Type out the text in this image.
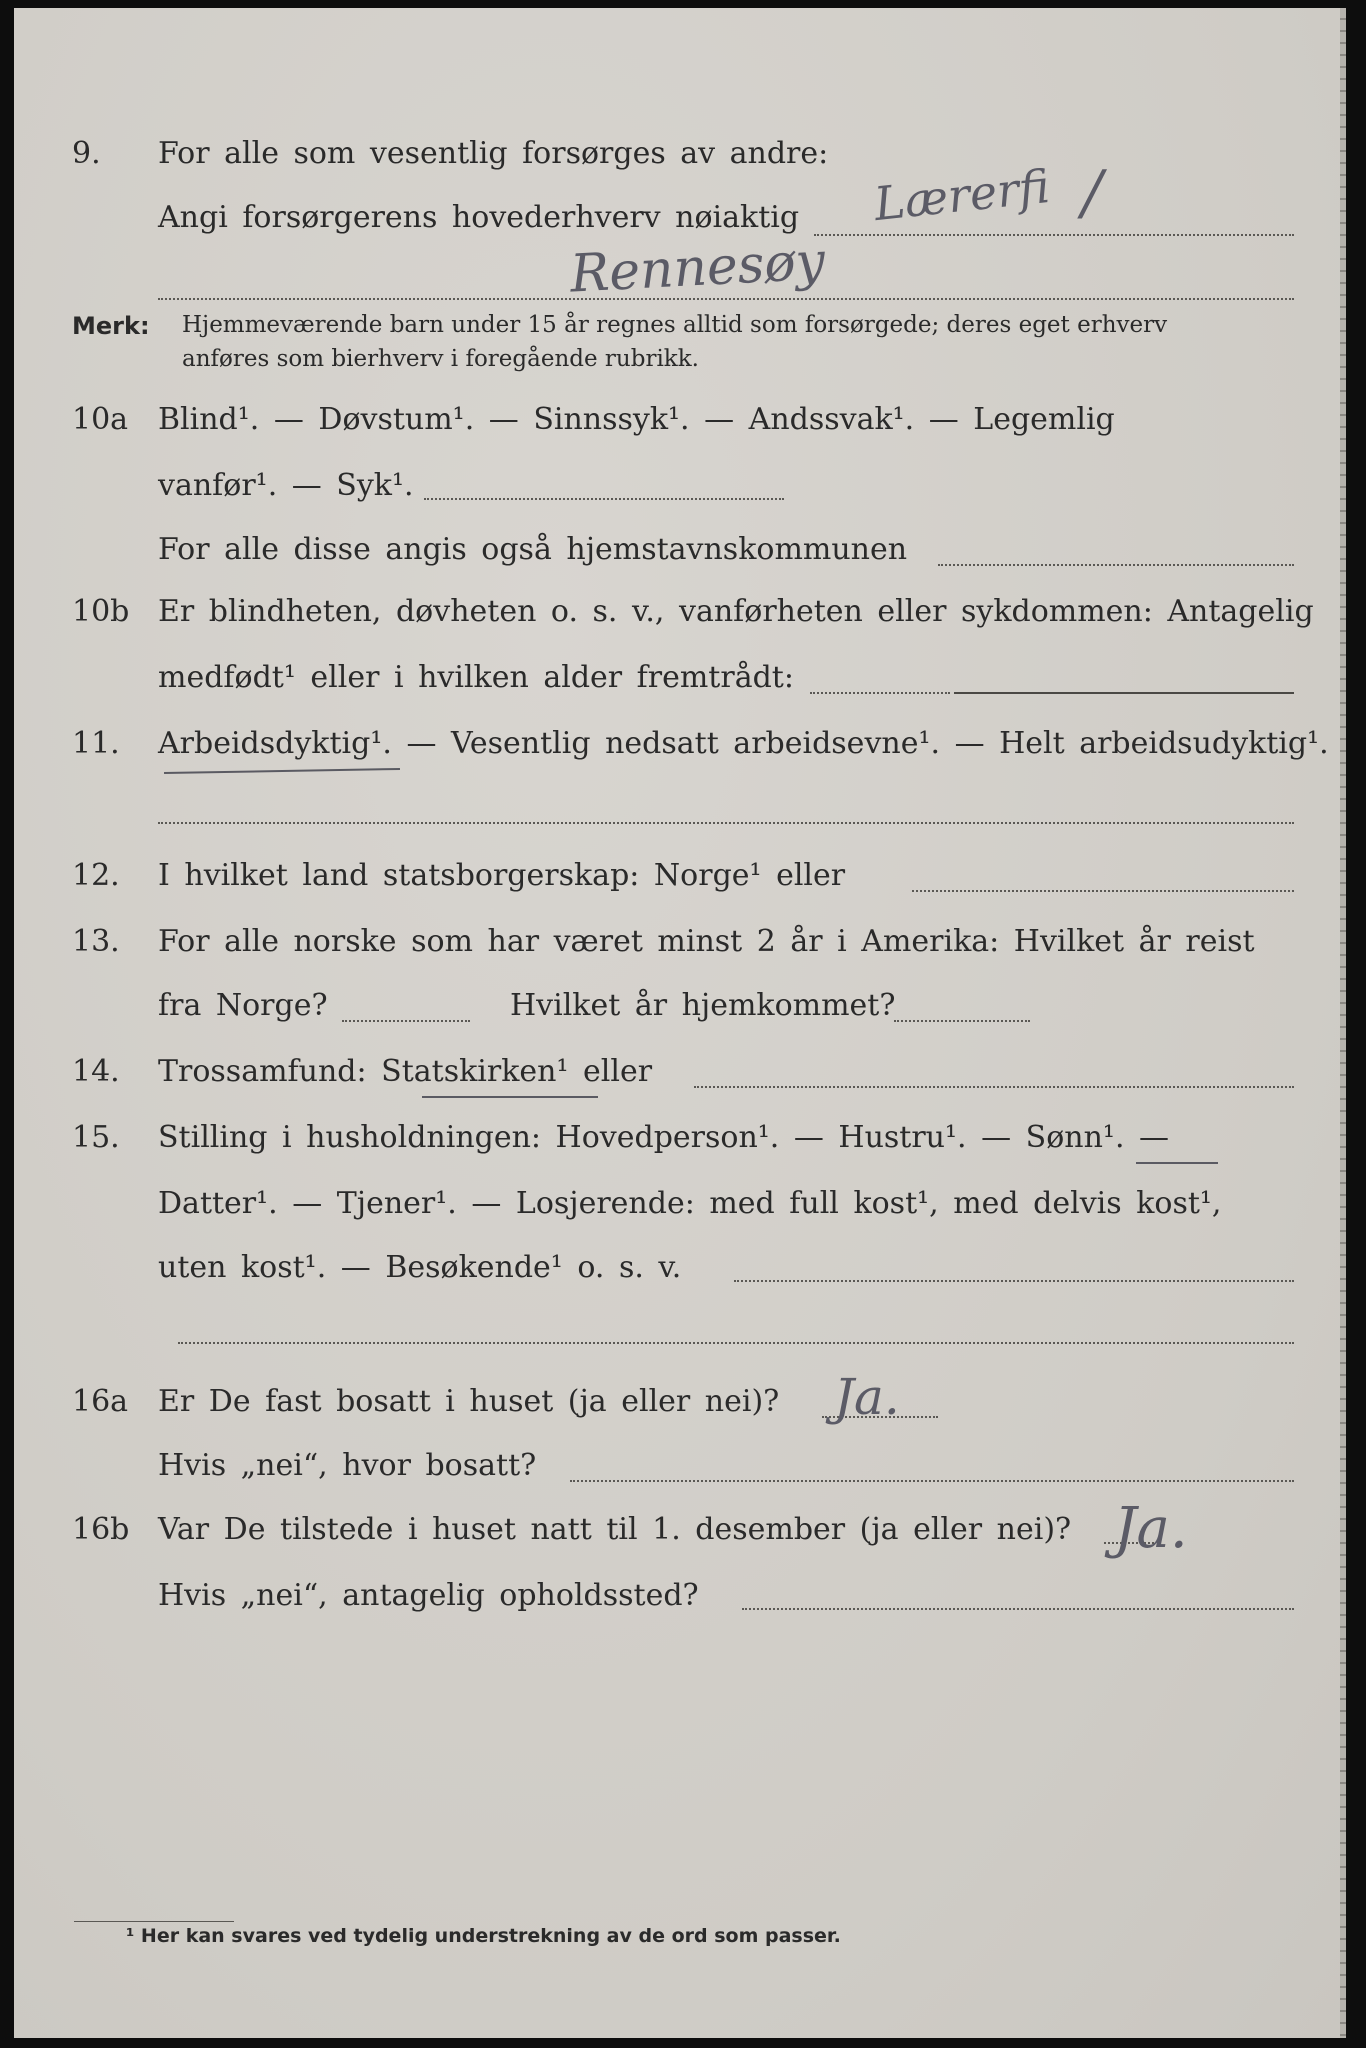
9. For alle som vesentlig forsørges av andre:
Angi forsørgerens hovederhverv nøiaktig Lærerfi /
Rennesøy
Merk: Hjemmeværende barn under 15 år regnes alltid som forsørgede; deres eget erhverv
anføres som bierhverv i foregående rubrikk.
10a Blind¹. — Døvstum¹. — Sinnssyk¹. — Andssvak¹. — Legemlig
vanfør¹. — Syk¹.
For alle disse angis også hjemstavnskommunen
10b Er blindheten, døvheten o. s. v., vanførheten eller sykdommen: Antagelig
medfødt¹ eller i hvilken alder fremtrådt:
11. Arbeidsdyktig¹. — Vesentlig nedsatt arbeidsevne¹. — Helt arbeidsudyktig¹.
12. I hvilket land statsborgerskap: Norge¹ eller
13. For alle norske som har været minst 2 år i Amerika: Hvilket år reist
fra Norge?	Hvilket år hjemkommet?
14. Trossamfund: Statskirken¹ eller
15. Stilling i husholdningen: Hovedperson¹. — Hustru¹. — Sønn¹. —
Datter¹. — Tjener¹. — Losjerende: med full kost¹, med delvis kost¹,
uten kost¹. — Besøkende¹ o. s. v.
16a Er De fast bosatt i huset (ja eller nei)? Ja.
Hvis „nei“, hvor bosatt?
16b Var De tilstede i huset natt til 1. desember (ja eller nei)? Ja.
Hvis „nei“, antagelig opholdssted?
¹ Her kan svares ved tydelig understrekning av de ord som passer.
